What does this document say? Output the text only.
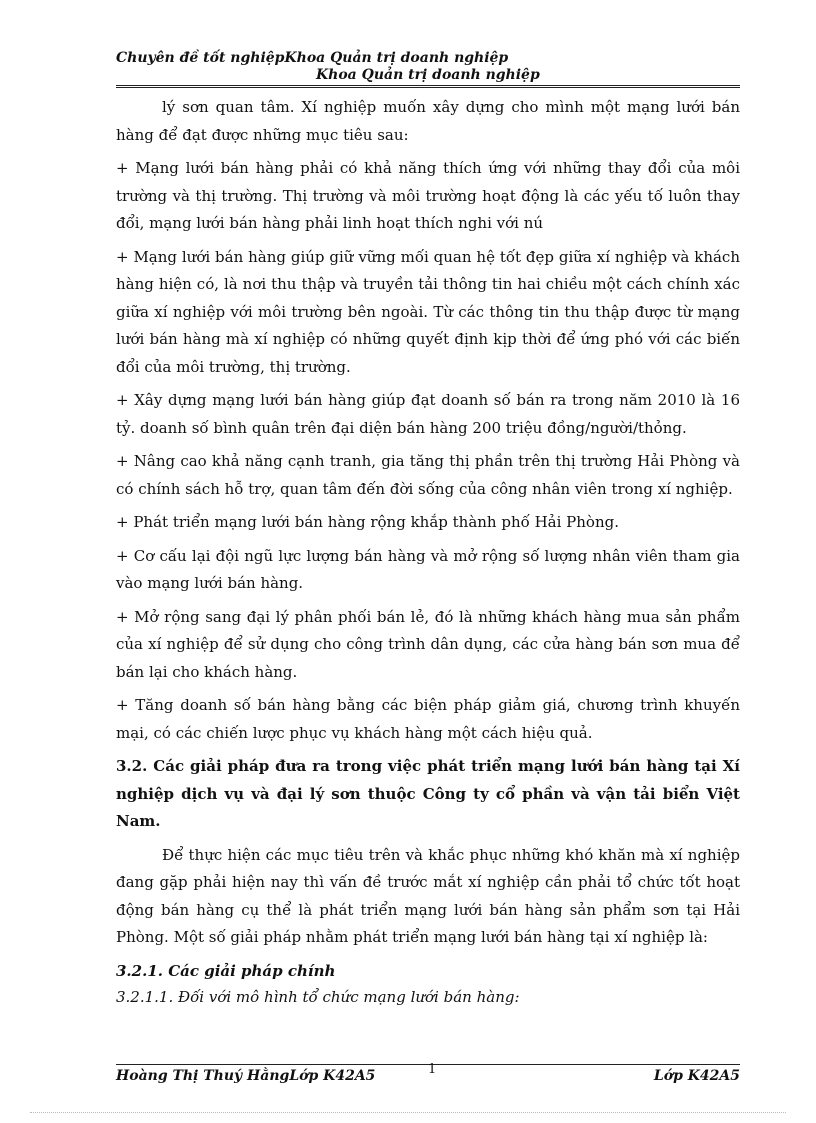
Chuyên đề tốt nghiệpKhoa Quản trị doanh nghiệp
Khoa Quản trị doanh nghiệp

lý sơn quan tâm. Xí nghiệp muốn xây dựng cho mình một mạng lưới bán hàng để đạt được những mục tiêu sau:

+ Mạng lưới bán hàng phải có khả năng thích ứng với những thay đổi của môi trường và thị trường. Thị trường và môi trường hoạt động là các yếu tố luôn thay đổi, mạng lưới bán hàng phải linh hoạt thích nghi với nú

+ Mạng lưới bán hàng giúp giữ vững mối quan hệ tốt đẹp giữa xí nghiệp và khách hàng hiện có, là nơi thu thập và truyền tải thông tin hai chiều một cách chính xác giữa xí nghiệp với môi trường bên ngoài. Từ các thông tin thu thập được từ mạng lưới bán hàng mà xí nghiệp có những quyết định kịp thời để ứng phó với các biến đổi của môi trường, thị trường.

+ Xây dựng mạng lưới bán hàng giúp đạt doanh số bán ra trong năm 2010 là 16 tỷ. doanh số bình quân trên đại diện bán hàng 200 triệu đồng/người/thỏng.

+ Nâng cao khả năng cạnh tranh, gia tăng thị phần trên thị trường Hải Phòng và có chính sách hỗ trợ, quan tâm đến đời sống của công nhân viên trong xí nghiệp.

+ Phát triển mạng lưới bán hàng rộng khắp thành phố Hải Phòng.

+ Cơ cấu lại đội ngũ lực lượng bán hàng và mở rộng số lượng nhân viên tham gia vào mạng lưới bán hàng.

+ Mở rộng sang đại lý phân phối bán lẻ, đó là những khách hàng mua sản phẩm của xí nghiệp để sử dụng cho công trình dân dụng, các cửa hàng bán sơn mua để bán lại cho khách hàng.

+ Tăng doanh số bán hàng bằng các biện pháp giảm giá, chương trình khuyến mại, có các chiến lược phục vụ khách hàng một cách hiệu quả.

3.2. Các giải pháp đưa ra trong việc phát triển mạng lưới bán hàng tại Xí nghiệp dịch vụ và đại lý sơn thuộc Công ty cổ phần và vận tải biển Việt Nam.

Để thực hiện các mục tiêu trên và khắc phục những khó khăn mà xí nghiệp đang gặp phải hiện nay thì vấn đề trước mắt xí nghiệp cần phải tổ chức tốt hoạt động bán hàng cụ thể là phát triển mạng lưới bán hàng sản phẩm sơn tại Hải Phòng. Một số giải pháp nhằm phát triển mạng lưới bán hàng tại xí nghiệp là:

3.2.1. Các giải pháp chính
3.2.1.1. Đối với mô hình tổ chức mạng lưới bán hàng:
Hoàng Thị Thuý HằngLớp K42A5	1	Lớp K42A5
